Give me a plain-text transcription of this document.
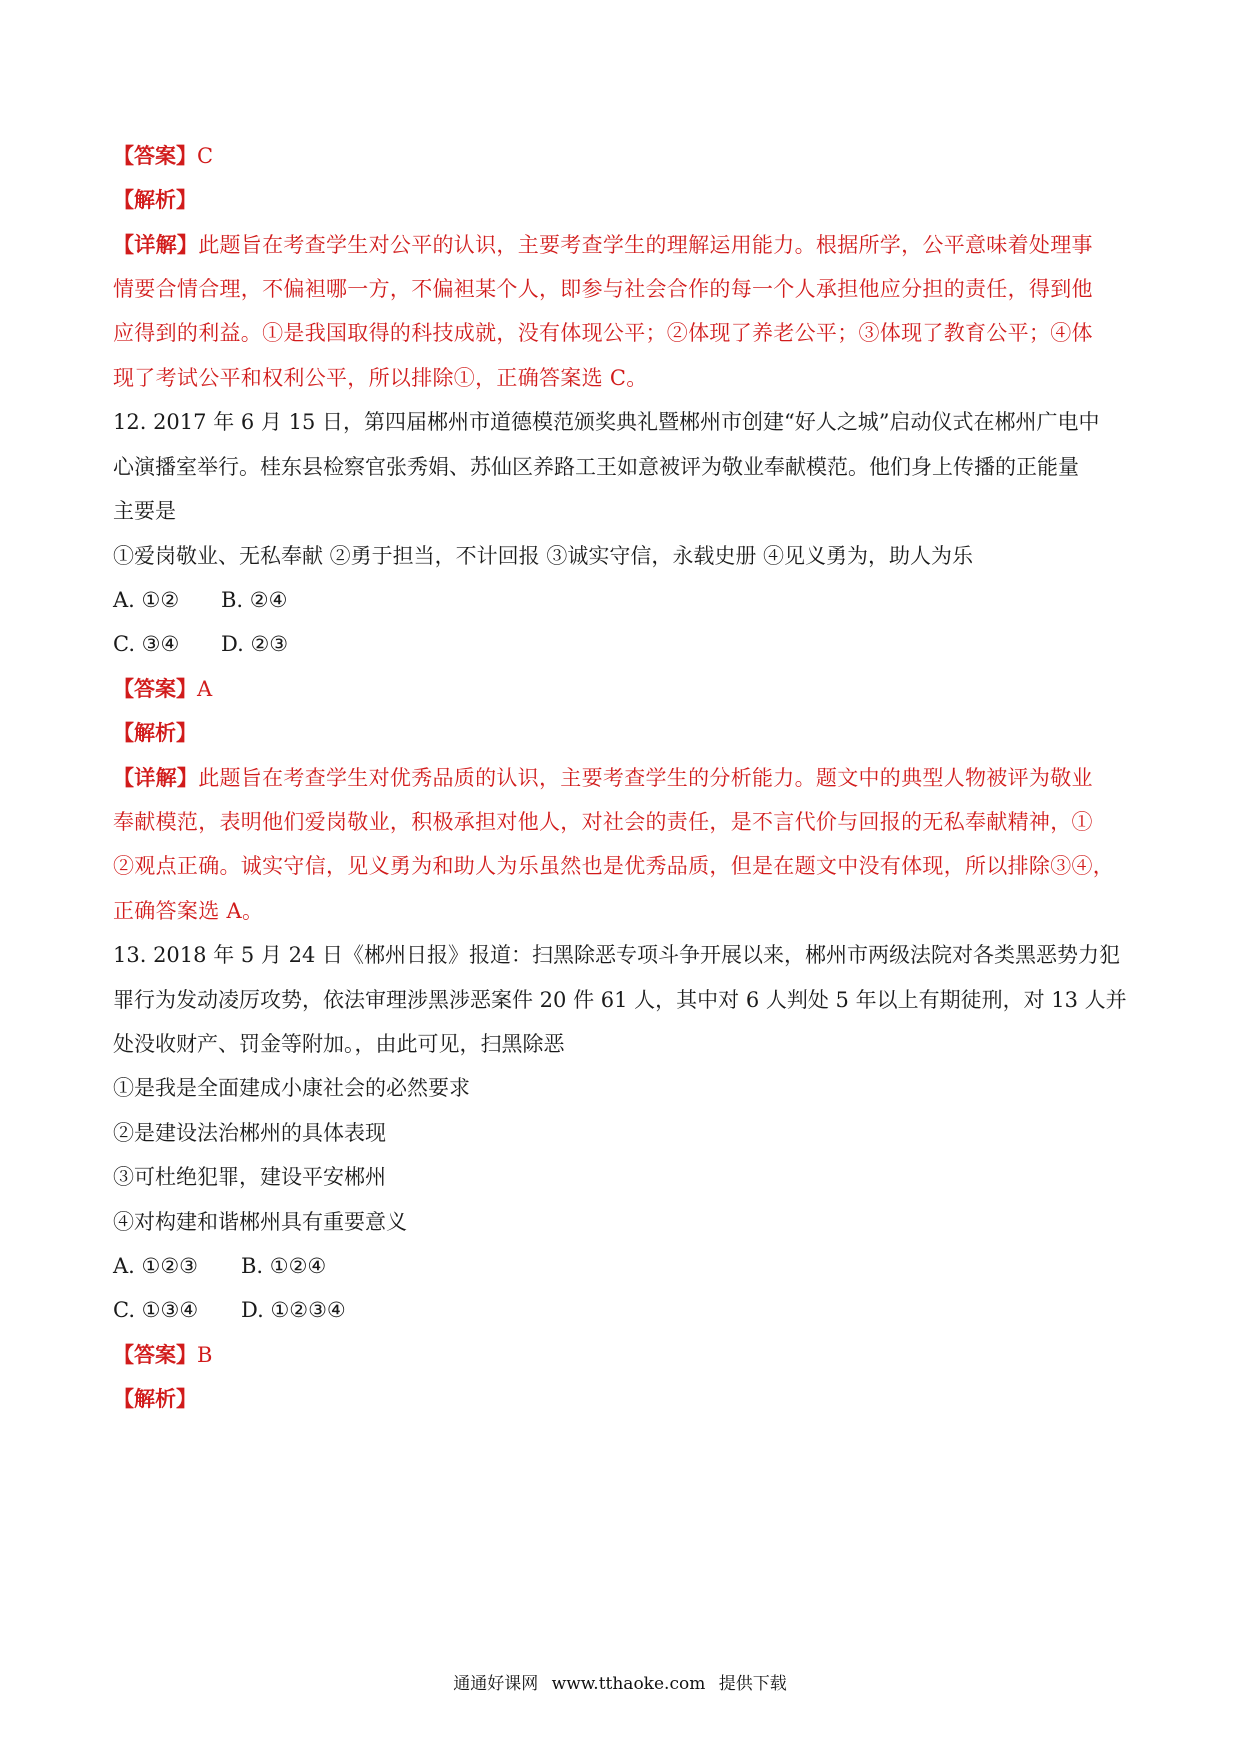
【答案】C
【解析】
【详解】此题旨在考查学生对公平的认识，主要考查学生的理解运用能力。根据所学，公平意味着处理事
情要合情合理，不偏袒哪一方，不偏袒某个人，即参与社会合作的每一个人承担他应分担的责任，得到他
应得到的利益。①是我国取得的科技成就，没有体现公平；②体现了养老公平；③体现了教育公平；④体
现了考试公平和权利公平，所以排除①，正确答案选 C。
12. 2017 年 6 月 15 日，第四届郴州市道德模范颁奖典礼暨郴州市创建“好人之城”启动仪式在郴州广电中
心演播室举行。桂东县检察官张秀娟、苏仙区养路工王如意被评为敬业奉献模范。他们身上传播的正能量
主要是
①爱岗敬业、无私奉献 ②勇于担当，不计回报 ③诚实守信，永载史册 ④见义勇为，助人为乐
A. ①② B. ②④
C. ③④ D. ②③
【答案】A
【解析】
【详解】此题旨在考查学生对优秀品质的认识，主要考查学生的分析能力。题文中的典型人物被评为敬业
奉献模范，表明他们爱岗敬业，积极承担对他人，对社会的责任，是不言代价与回报的无私奉献精神，①
②观点正确。诚实守信，见义勇为和助人为乐虽然也是优秀品质，但是在题文中没有体现，所以排除③④，
正确答案选 A。
13. 2018 年 5 月 24 日《郴州日报》报道：扫黑除恶专项斗争开展以来，郴州市两级法院对各类黑恶势力犯
罪行为发动凌厉攻势，依法审理涉黑涉恶案件 20 件 61 人，其中对 6 人判处 5 年以上有期徒刑，对 13 人并
处没收财产、罚金等附加。，由此可见，扫黑除恶
①是我是全面建成小康社会的必然要求
②是建设法治郴州的具体表现
③可杜绝犯罪，建设平安郴州
④对构建和谐郴州具有重要意义
A. ①②③ B. ①②④
C. ①③④ D. ①②③④
【答案】B
【解析】
通通好课网 www.tthaoke.com 提供下载
